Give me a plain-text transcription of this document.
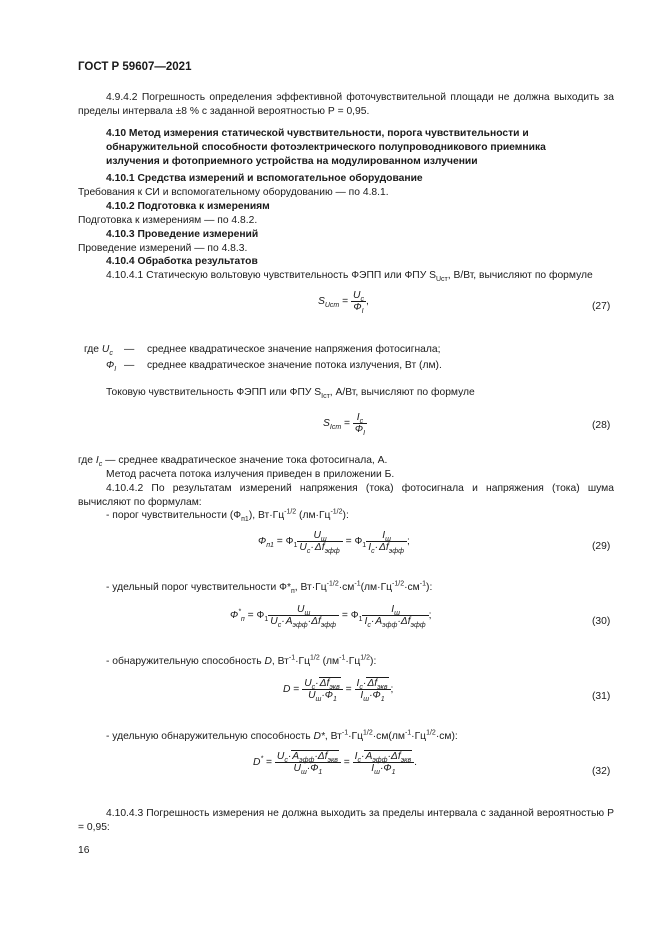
ГОСТ Р 59607—2021
4.9.4.2 Погрешность определения эффективной фоточувствительной площади не должна выходить за пределы интервала ±8 % с заданной вероятностью Р = 0,95.
4.10 Метод измерения статической чувствительности, порога чувствительности и обнаружительной способности фотоэлектрического полупроводникового приемника излучения и фотоприемного устройства на модулированном излучении
4.10.1 Средства измерений и вспомогательное оборудование
Требования к СИ и вспомогательному оборудованию — по 4.8.1.
4.10.2 Подготовка к измерениям
Подготовка к измерениям — по 4.8.2.
4.10.3 Проведение измерений
Проведение измерений — по 4.8.3.
4.10.4 Обработка результатов
4.10.4.1 Статическую вольтовую чувствительность ФЭПП или ФПУ $S_{Uст}$, В/Вт, вычисляют по формуле
$S_{Uст} = \frac{U_с}{Ф_I}$ ,	(27)
где $U_с$ — среднее квадратическое значение напряжения фотосигнала;
$Ф_I$ — среднее квадратическое значение потока излучения, Вт (лм).
Токовую чувствительность ФЭПП или ФПУ $S_{Iст}$, А/Вт, вычисляют по формуле
$S_{Iст} = \frac{I_с}{Ф_I}$	(28)
где $I_с$ — среднее квадратическое значение тока фотосигнала, А.
Метод расчета потока излучения приведен в приложении Б.
4.10.4.2 По результатам измерений напряжения (тока) фотосигнала и напряжения (тока) шума вычисляют по формулам:
- порог чувствительности $(Ф_{п1})$, $Вт\cdot Гц^{-1/2}$ $(лм\cdot Гц^{-1/2})$:
$Ф_{п1} = Ф_1 \frac{U_ш}{U_с\cdot\Delta f_{эфф}} = Ф_1 \frac{I_ш}{I_с\cdot\Delta f_{эфф}}$ ;	(29)
- удельный порог чувствительности $Ф*_п$, $Вт\cdot Гц^{-1/2}\cdot см^{-1}(лм\cdot Гц^{-1/2}\cdot см^{-1})$:
$Ф^*_п = Ф_1 \frac{U_ш}{U_с\cdot A_{эфф}\cdot\Delta f_{эфф}} = Ф_1 \frac{I_ш}{I_с\cdot A_{эфф}\cdot\Delta f_{эфф}}$ ;
(30)
- обнаружительную способность D, $Вт^{-1}\cdot Гц^{1/2}$ $(лм^{-1}\cdot Гц^{1/2})$:
$D = \frac{U_с\cdot\Delta f_{экв}}{U_ш\cdot Ф_1} = \frac{I_с\cdot\Delta f_{экв}}{I_ш\cdot Ф_1}$ ;
(31)
- удельную обнаружительную способность D*, $Вт^{-1}\cdot Гц^{1/2}\cdot см(лм^{-1}\cdot Гц^{1/2}\cdot см)$:
$D^* = \frac{U_с\cdot A_{эфф}\cdot\Delta f_{экв}}{U_ш\cdot Ф_1} = \frac{I_с\cdot A_{эфф}\cdot\Delta f_{экв}}{I_ш\cdot Ф_1}$ .
(32)
4.10.4.3 Погрешность измерения не должна выходить за пределы интервала с заданной вероятностью Р = 0,95:
16
